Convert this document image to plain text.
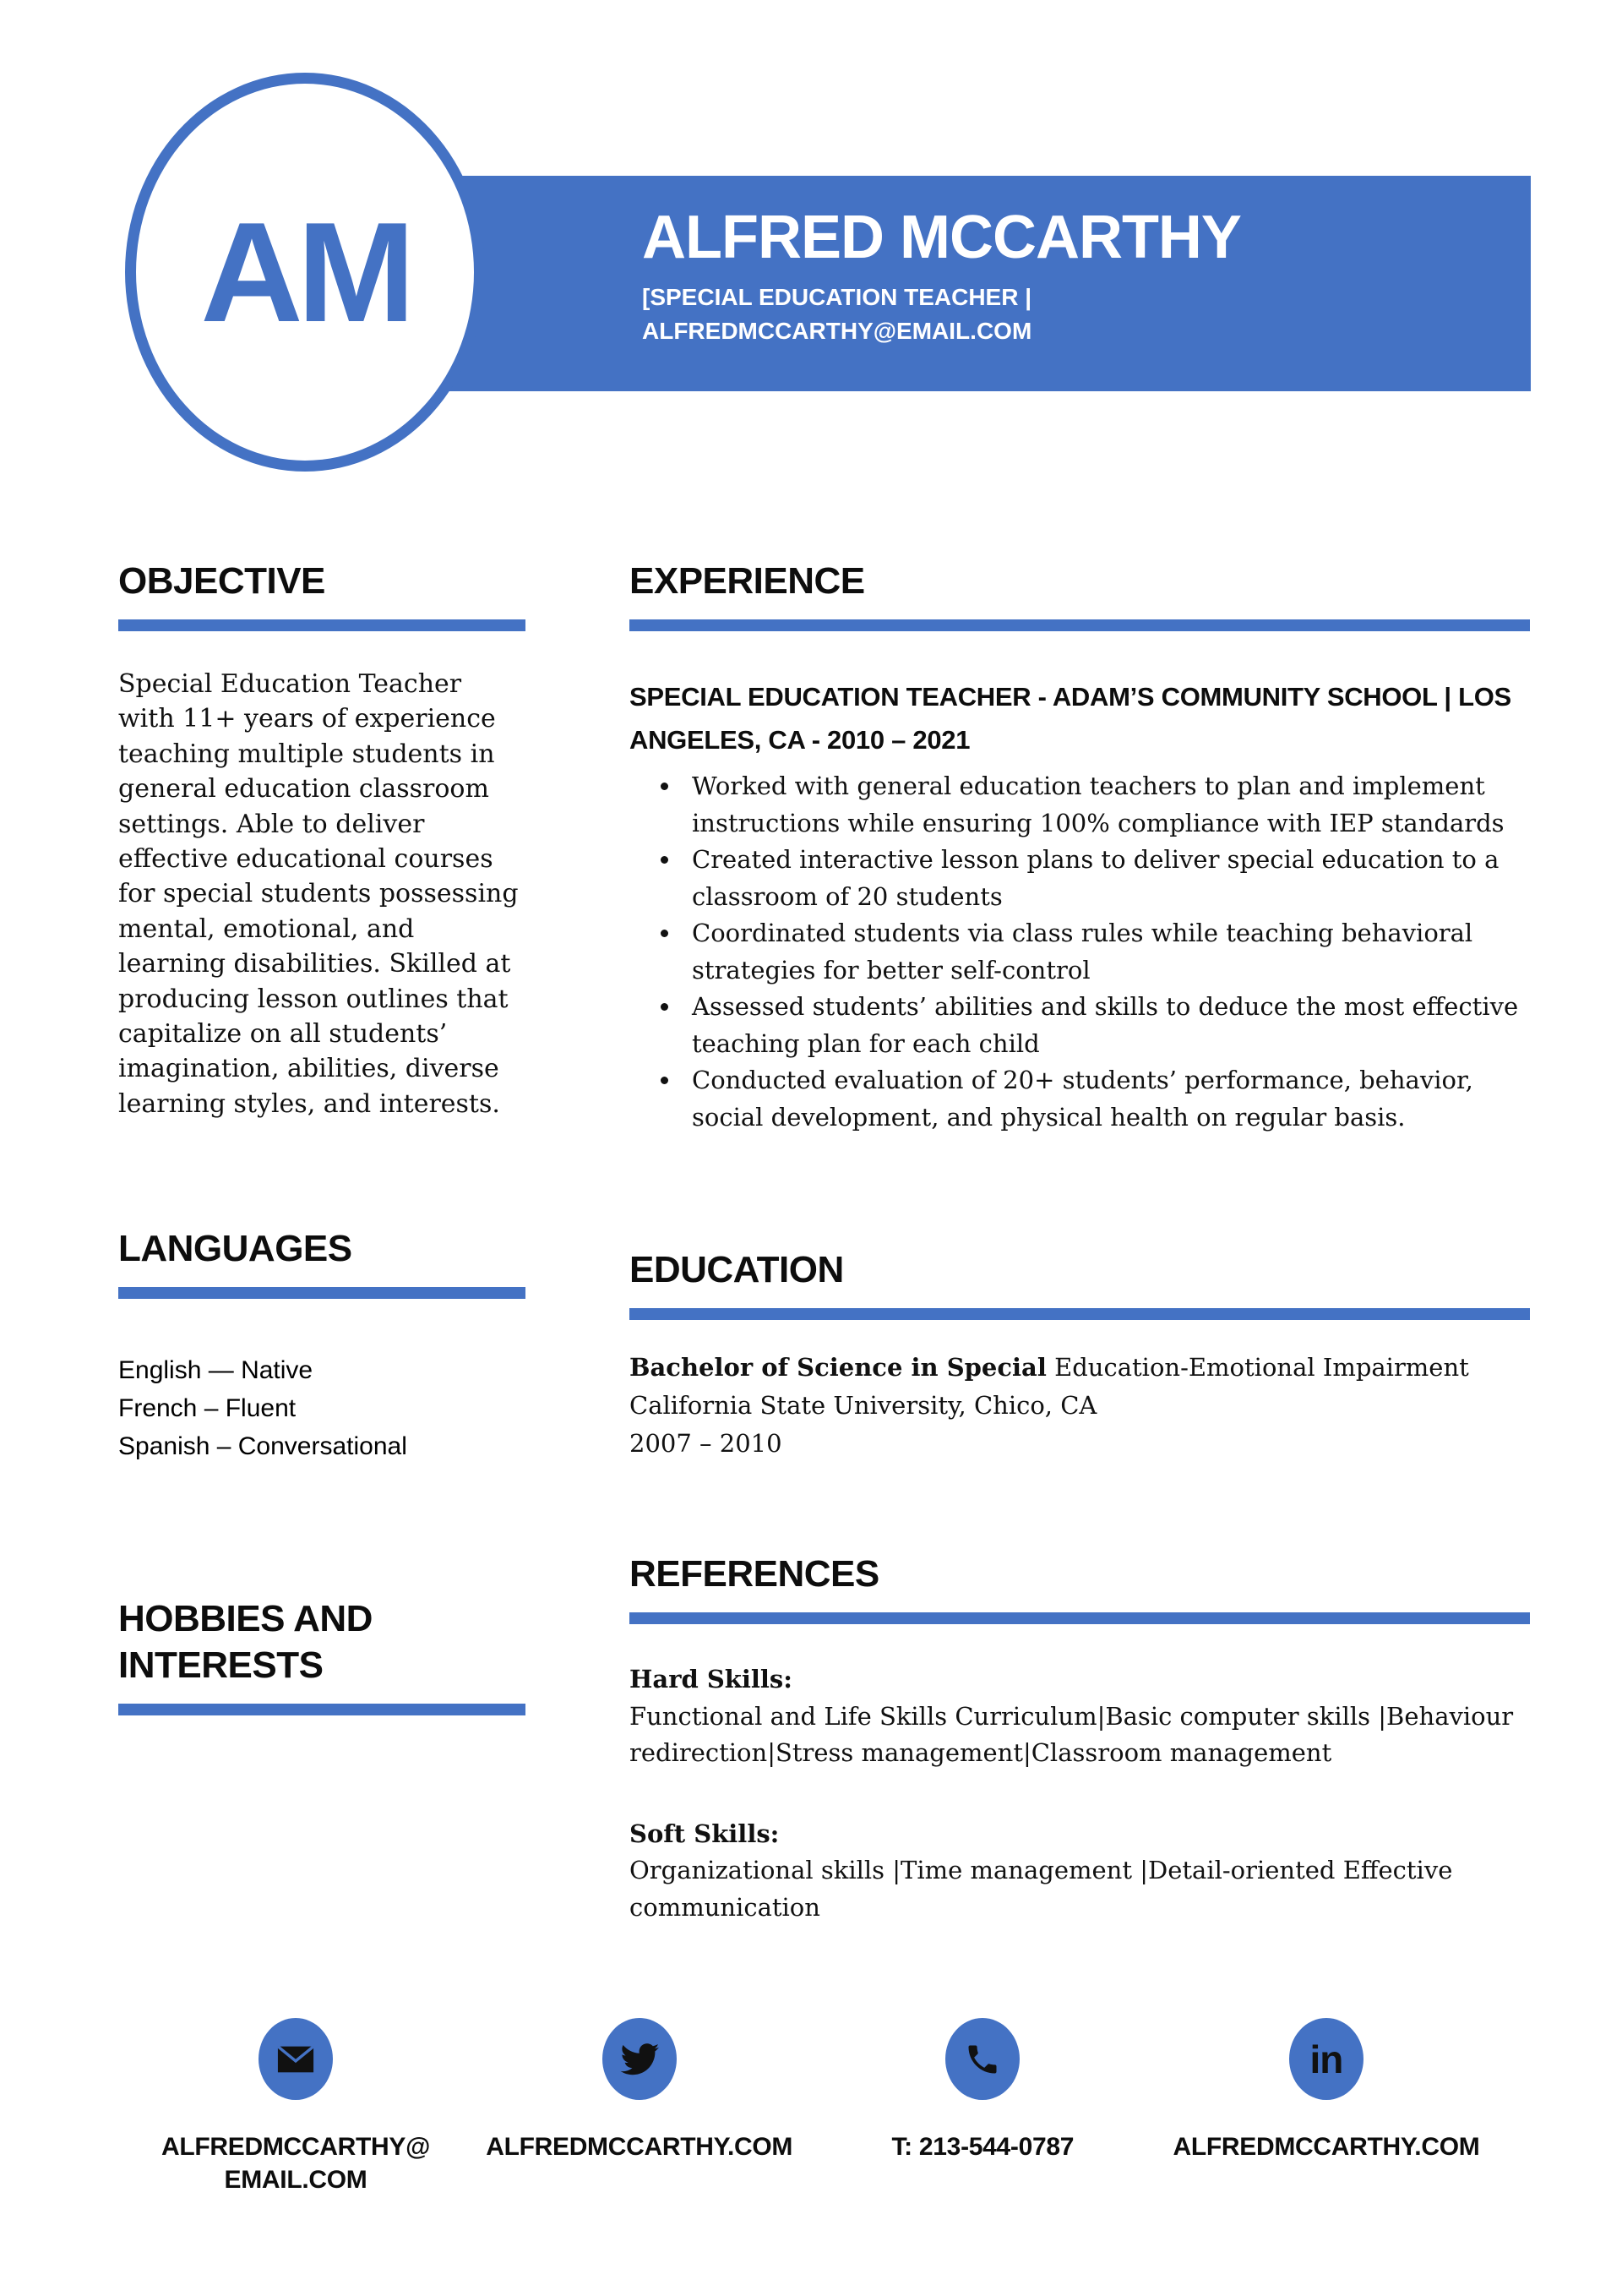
ALFRED MCCARTHY
[SPECIAL EDUCATION TEACHER |
ALFREDMCCARTHY@EMAIL.COM
AM
OBJECTIVE

Special Education Teacher with 11+ years of experience teaching multiple students in general education classroom settings. Able to deliver effective educational courses for special students possessing mental, emotional, and learning disabilities. Skilled at producing lesson outlines that capitalize on all students’ imagination, abilities, diverse learning styles, and interests.

EXPERIENCE
SPECIAL EDUCATION TEACHER - ADAM’S COMMUNITY SCHOOL | LOS ANGELES, CA - 2010 – 2021
• Worked with general education teachers to plan and implement instructions while ensuring 100% compliance with IEP standards
• Created interactive lesson plans to deliver special education to a classroom of 20 students
• Coordinated students via class rules while teaching behavioral strategies for better self-control
• Assessed students’ abilities and skills to deduce the most effective teaching plan for each child
• Conducted evaluation of 20+ students’ performance, behavior, social development, and physical health on regular basis.
LANGUAGES
English — Native
French – Fluent
Spanish – Conversational
EDUCATION

Bachelor of Science in Special Education-Emotional Impairment

California State University, Chico, CA

2007 – 2010

HOBBIES AND INTERESTS
REFERENCES

Hard Skills:

Functional and Life Skills Curriculum|Basic computer skills |Behaviour redirection|Stress management|Classroom management

Soft Skills:

Organizational skills |Time management |Detail-oriented Effective communication

ALFREDMCCARTHY@EMAIL.COM
ALFREDMCCARTHY.COM	T: 213-544-0787
in
ALFREDMCCARTHY.COM
